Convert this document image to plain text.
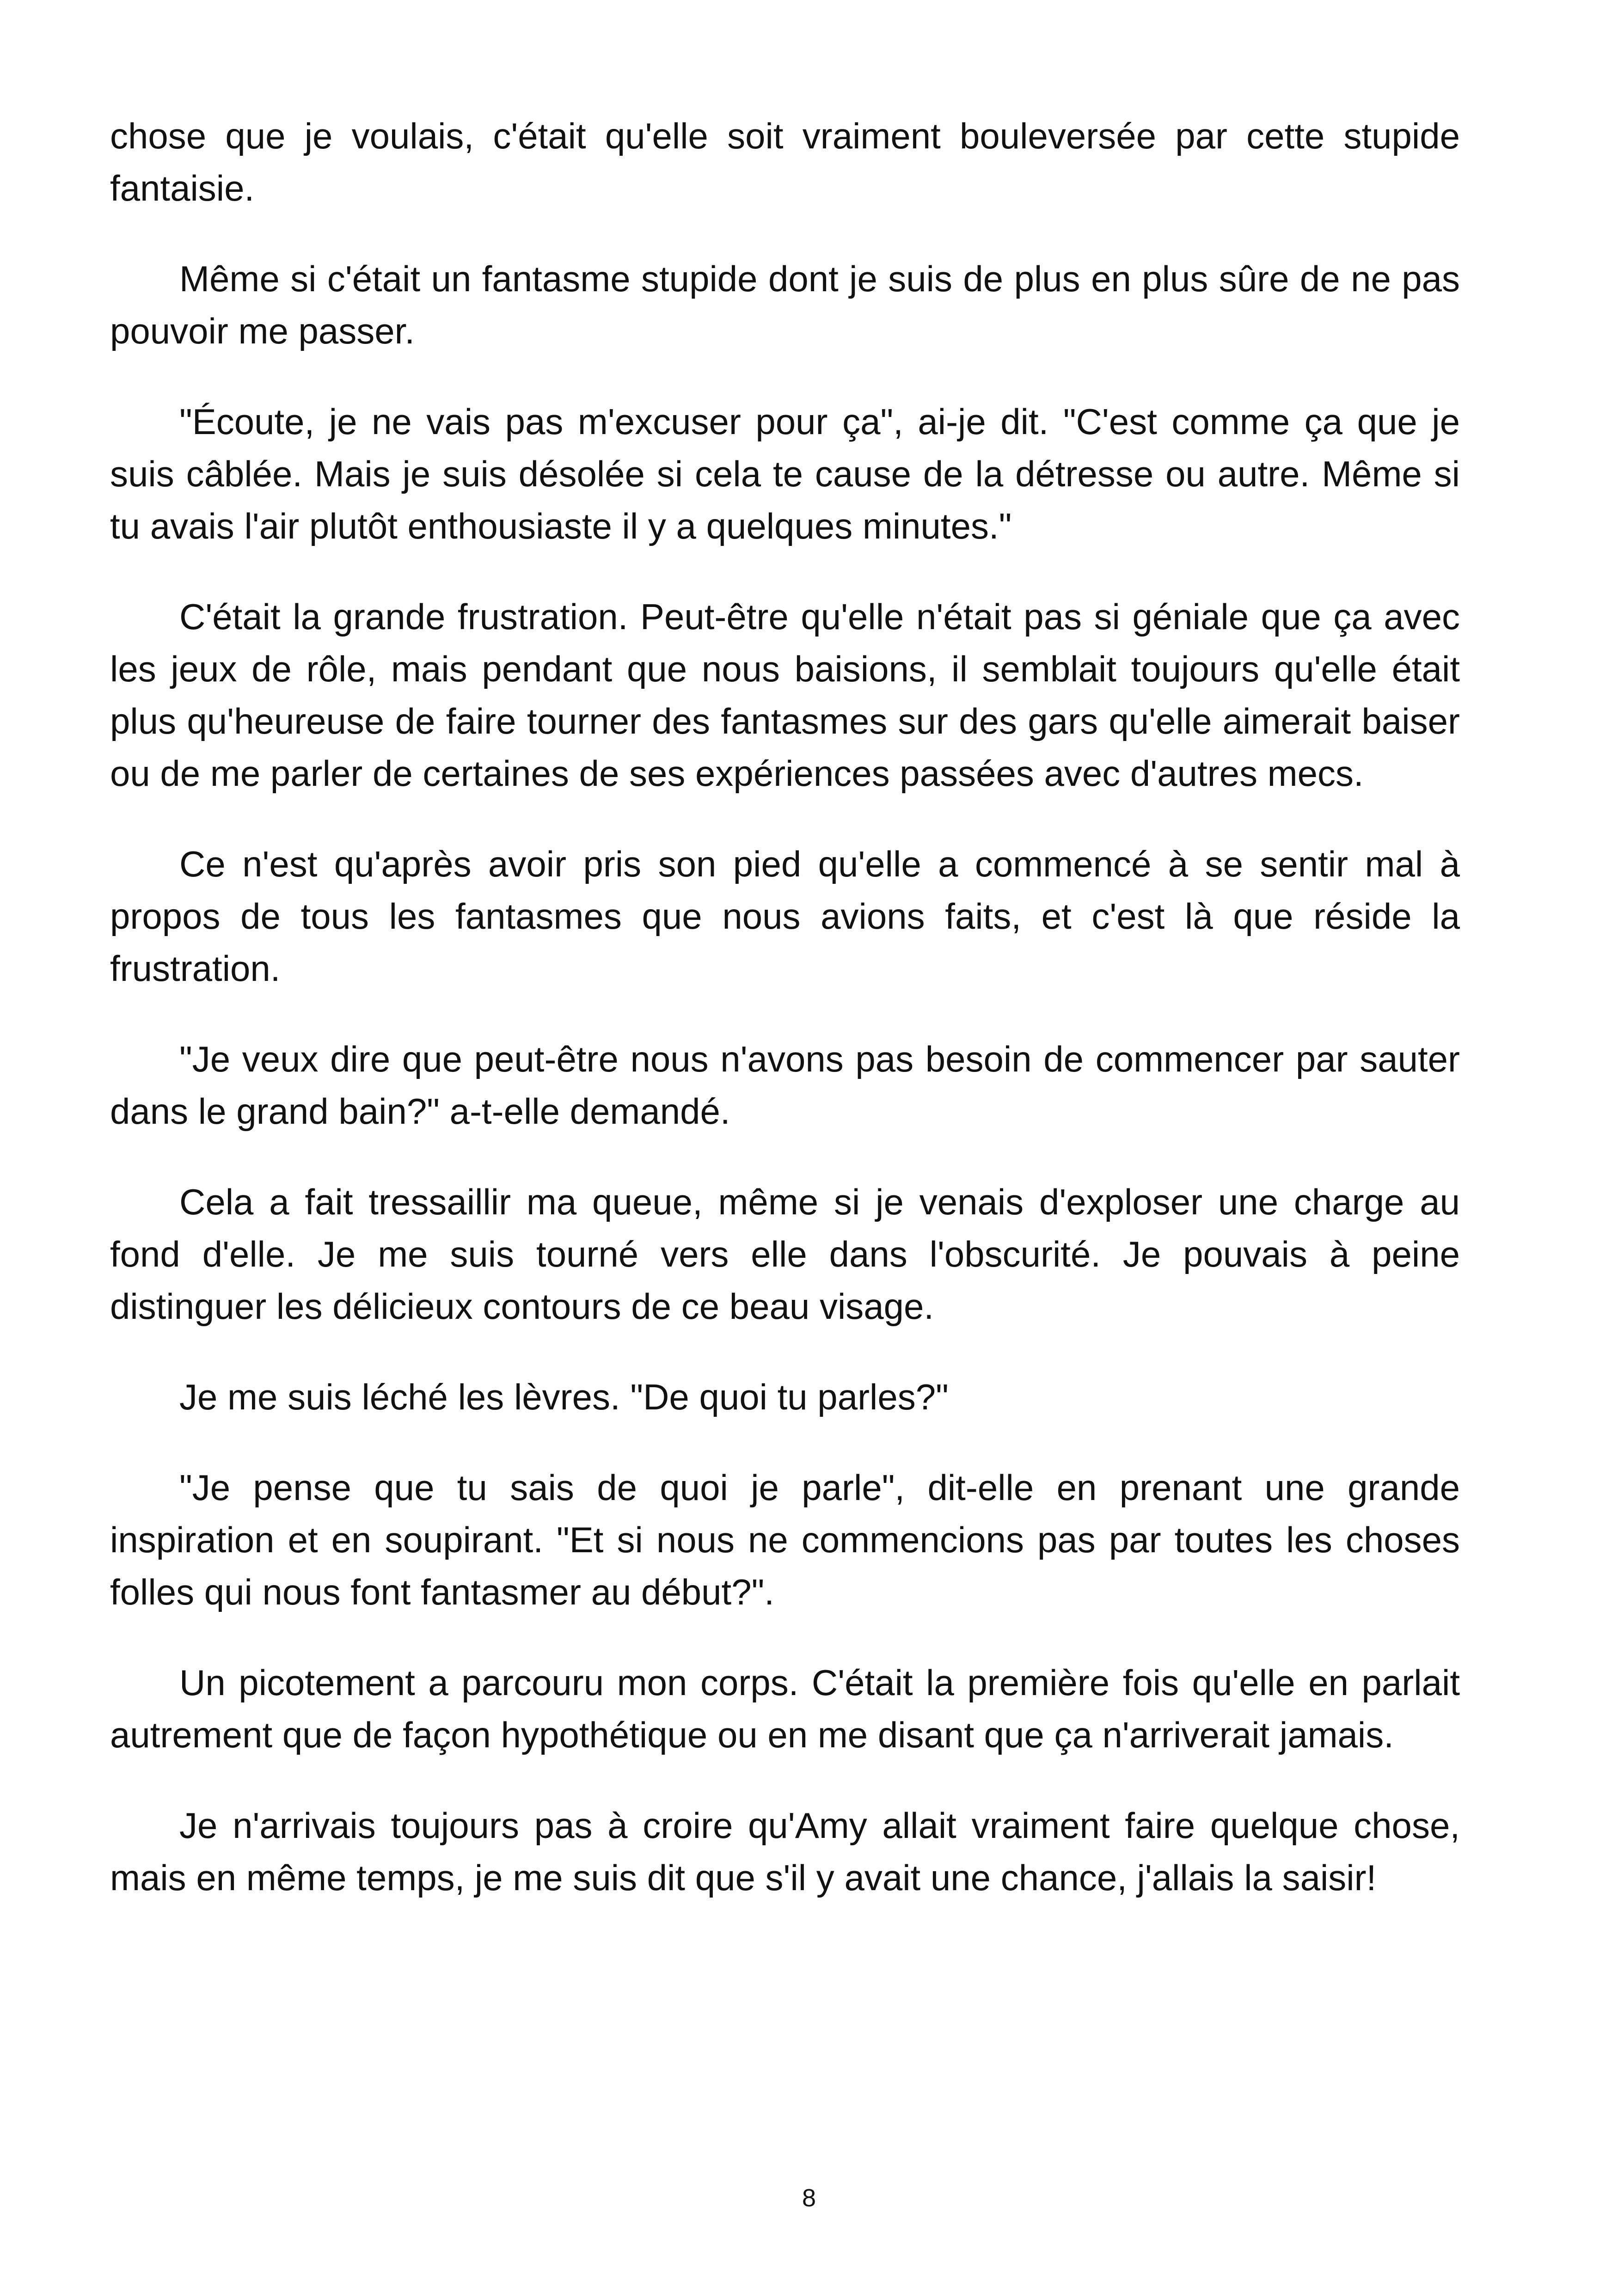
chose que je voulais, c'était qu'elle soit vraiment bouleversée par cette stupide fantaisie.

Même si c'était un fantasme stupide dont je suis de plus en plus sûre de ne pas pouvoir me passer.

"Écoute, je ne vais pas m'excuser pour ça", ai-je dit. "C'est comme ça que je suis câblée. Mais je suis désolée si cela te cause de la détresse ou autre. Même si tu avais l'air plutôt enthousiaste il y a quelques minutes."

C'était la grande frustration. Peut-être qu'elle n'était pas si géniale que ça avec les jeux de rôle, mais pendant que nous baisions, il semblait toujours qu'elle était plus qu'heureuse de faire tourner des fantasmes sur des gars qu'elle aimerait baiser ou de me parler de certaines de ses expériences passées avec d'autres mecs.

Ce n'est qu'après avoir pris son pied qu'elle a commencé à se sentir mal à propos de tous les fantasmes que nous avions faits, et c'est là que réside la frustration.

"Je veux dire que peut-être nous n'avons pas besoin de commencer par sauter dans le grand bain?" a-t-elle demandé.

Cela a fait tressaillir ma queue, même si je venais d'exploser une charge au fond d'elle. Je me suis tourné vers elle dans l'obscurité. Je pouvais à peine distinguer les délicieux contours de ce beau visage.

Je me suis léché les lèvres. "De quoi tu parles?"

"Je pense que tu sais de quoi je parle", dit-elle en prenant une grande inspiration et en soupirant. "Et si nous ne commencions pas par toutes les choses folles qui nous font fantasmer au début?".

Un picotement a parcouru mon corps. C'était la première fois qu'elle en parlait autrement que de façon hypothétique ou en me disant que ça n'arriverait jamais.

Je n'arrivais toujours pas à croire qu'Amy allait vraiment faire quelque chose, mais en même temps, je me suis dit que s'il y avait une chance, j'allais la saisir!

8
